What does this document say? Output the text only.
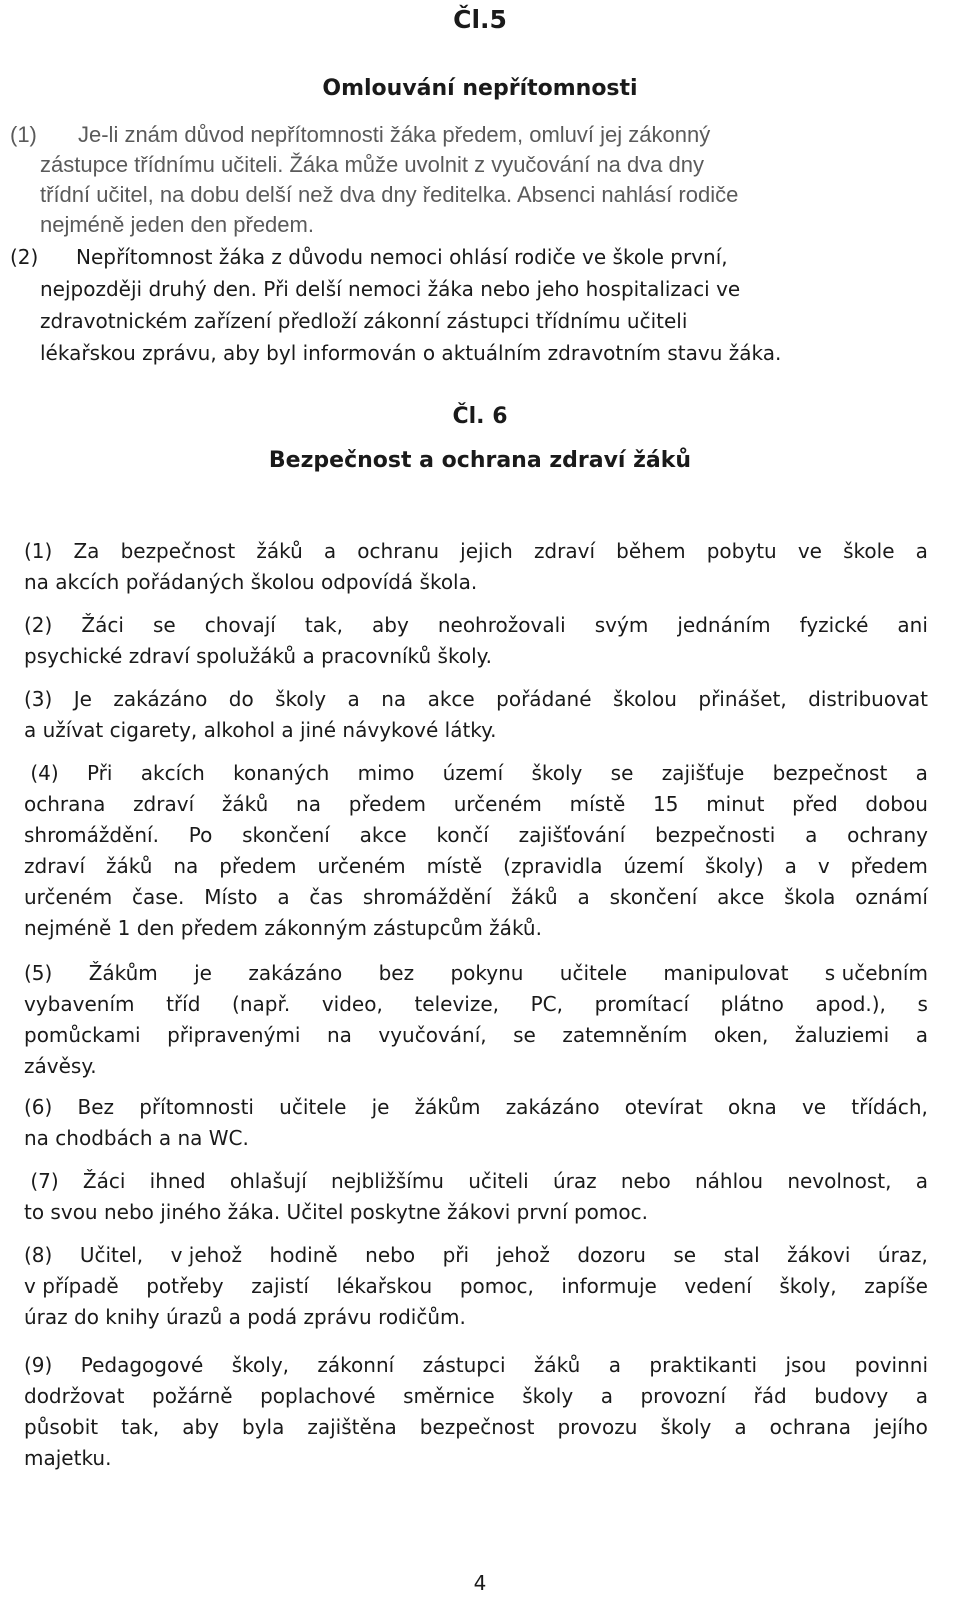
Čl.5
Omlouvání nepřítomnosti
(1) Je-li znám důvod nepřítomnosti žáka předem, omluví jej zákonný
zástupce třídnímu učiteli. Žáka může uvolnit z vyučování na dva dny
třídní učitel, na dobu delší než dva dny ředitelka. Absenci nahlásí rodiče
nejméně jeden den předem.
(2) Nepřítomnost žáka z důvodu nemoci ohlásí rodiče ve škole první,
nejpozději druhý den. Při delší nemoci žáka nebo jeho hospitalizaci ve
zdravotnickém zařízení předloží zákonní zástupci třídnímu učiteli
lékařskou zprávu, aby byl informován o aktuálním zdravotním stavu žáka.
Čl. 6
Bezpečnost a ochrana zdraví žáků
(1) Za bezpečnost žáků a ochranu jejich zdraví během pobytu ve škole a
na akcích pořádaných školou odpovídá škola.
(2) Žáci se chovají tak, aby neohrožovali svým jednáním fyzické ani
psychické zdraví spolužáků a pracovníků školy.
(3) Je zakázáno do školy a na akce pořádané školou přinášet, distribuovat
a užívat cigarety, alkohol a jiné návykové látky.
(4) Při akcích konaných mimo území školy se zajišťuje bezpečnost a
ochrana zdraví žáků na předem určeném místě 15 minut před dobou
shromáždění. Po skončení akce končí zajišťování bezpečnosti a ochrany
zdraví žáků na předem určeném místě (zpravidla území školy) a v předem
určeném čase. Místo a čas shromáždění žáků a skončení akce škola oznámí
nejméně 1 den předem zákonným zástupcům žáků.
(5) Žákům je zakázáno bez pokynu učitele manipulovat s učebním
vybavením tříd (např. video, televize, PC, promítací plátno apod.), s
pomůckami připravenými na vyučování, se zatemněním oken, žaluziemi a
závěsy.
(6) Bez přítomnosti učitele je žákům zakázáno otevírat okna ve třídách,
na chodbách a na WC.
(7) Žáci ihned ohlašují nejbližšímu učiteli úraz nebo náhlou nevolnost, a
to svou nebo jiného žáka. Učitel poskytne žákovi první pomoc.
(8) Učitel, v jehož hodině nebo při jehož dozoru se stal žákovi úraz,
v případě potřeby zajistí lékařskou pomoc, informuje vedení školy, zapíše
úraz do knihy úrazů a podá zprávu rodičům.
(9) Pedagogové školy, zákonní zástupci žáků a praktikanti jsou povinni
dodržovat požárně poplachové směrnice školy a provozní řád budovy a
působit tak, aby byla zajištěna bezpečnost provozu školy a ochrana jejího
majetku.
4
